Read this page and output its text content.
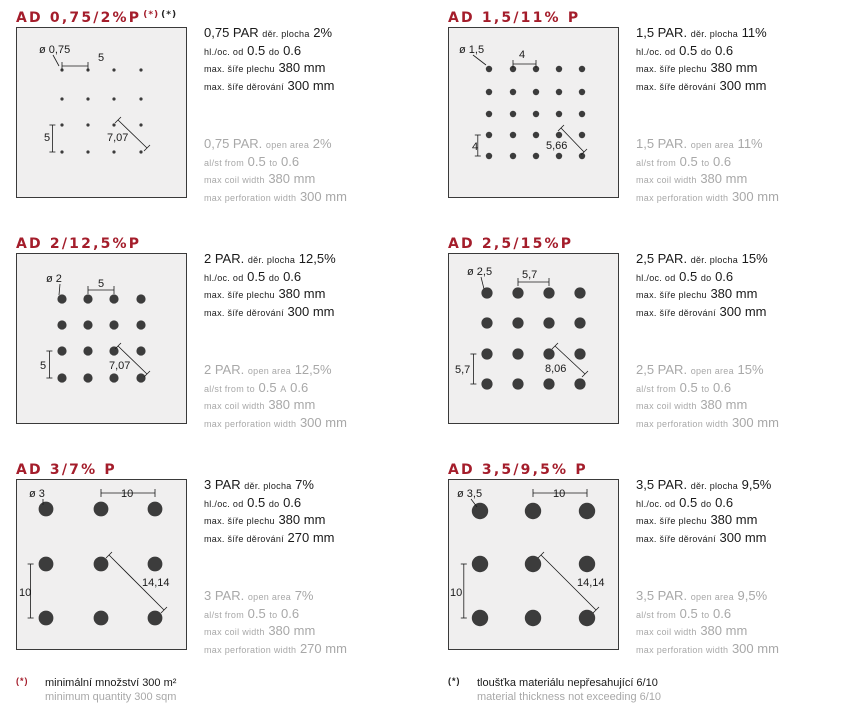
AD 0,75/2%P (*) (*)
ø 0,75
5
5	7,07
0,75 PAR děr. plocha 2%
hl./oc. od 0.5 do 0.6
max. šíře plechu 380 mm
max. šíře děrování 300 mm
0,75 PAR. open area 2%
al/st from 0.5 to 0.6
max coil width 380 mm
max perforation width 300 mm
AD 1,5/11% P
ø 1,5	4
4	5,66
1,5 PAR. děr. plocha 11%
hl./oc. od 0.5 do 0.6
max. šíře plechu 380 mm
max. šíře děrování 300 mm
1,5 PAR. open area 11%
al/st from 0.5 to 0.6
max coil width 380 mm
max perforation width 300 mm
AD 2/12,5%P
ø 2	5
5	7,07
2 PAR. děr. plocha 12,5%
hl./oc. od 0.5 do 0.6
max. šíře plechu 380 mm
max. šíře děrování 300 mm
2 PAR. open area 12,5%
al/st from to 0.5 A 0.6
max coil width 380 mm
max perforation width 300 mm
AD 2,5/15%P
ø 2,5	5,7
5,7	8,06
2,5 PAR. děr. plocha 15%
hl./oc. od 0.5 do 0.6
max. šíře plechu 380 mm
max. šíře děrování 300 mm
2,5 PAR. open area 15%
al/st from 0.5 to 0.6
max coil width 380 mm
max perforation width 300 mm
AD 3/7% P
ø 3	10
10
14,14
3 PAR děr. plocha 7%
hl./oc. od 0.5 do 0.6
max. šíře plechu 380 mm
max. šíře děrování 270 mm
3 PAR. open area 7%
al/st from 0.5 to 0.6
max coil width 380 mm
max perforation width 270 mm
AD 3,5/9,5% P
ø 3,5	10
10
14,14
3,5 PAR. děr. plocha 9,5%
hl./oc. od 0.5 do 0.6
max. šíře plechu 380 mm
max. šíře děrování 300 mm
3,5 PAR. open area 9,5%
al/st from 0.5 to 0.6
max coil width 380 mm
max perforation width 300 mm
(*) minimální množství 300 m²
minimum quantity 300 sqm
(*) tloušťka materiálu nepřesahující 6/10
material thickness not exceeding 6/10
